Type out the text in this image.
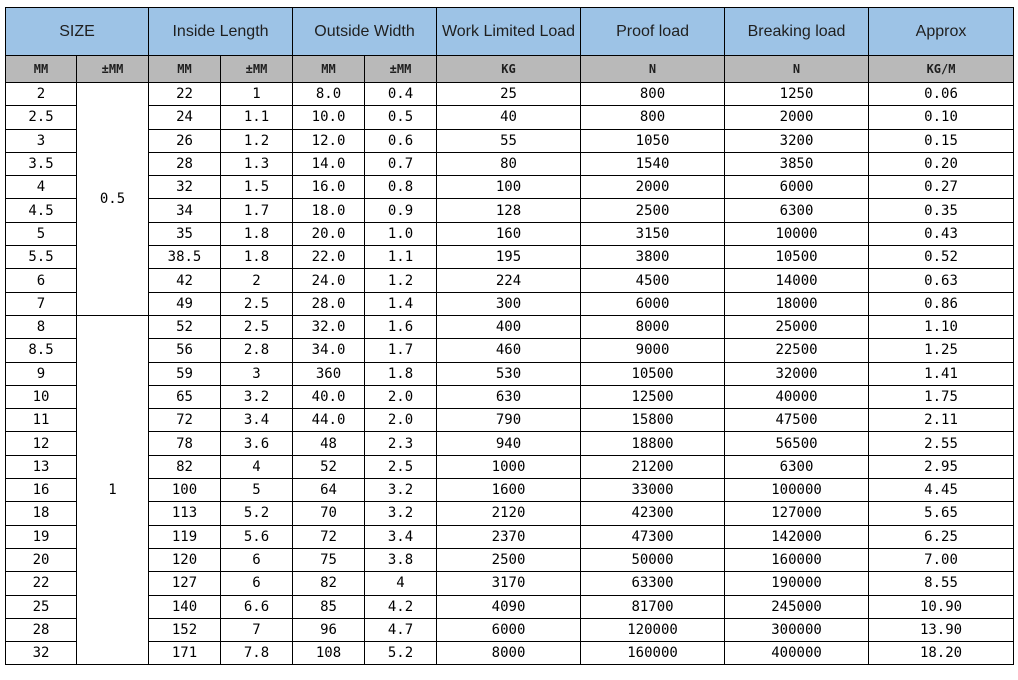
SIZE		Inside Length		Outside Width		Work Limited Load	Proof load	Breaking load	Approx
MM	±MM	MM	±MM	MM	±MM	KG	N	N	KG/M
2	0.5	22	1	8.0	0.4	25	800	1250	0.06
2.5		24	1.1	10.0	0.5	40	800	2000	0.10
3		26	1.2	12.0	0.6	55	1050	3200	0.15
3.5		28	1.3	14.0	0.7	80	1540	3850	0.20
4		32	1.5	16.0	0.8	100	2000	6000	0.27
4.5		34	1.7	18.0	0.9	128	2500	6300	0.35
5		35	1.8	20.0	1.0	160	3150	10000	0.43
5.5		38.5	1.8	22.0	1.1	195	3800	10500	0.52
6		42	2	24.0	1.2	224	4500	14000	0.63
7		49	2.5	28.0	1.4	300	6000	18000	0.86
8	1	52	2.5	32.0	1.6	400	8000	25000	1.10
8.5		56	2.8	34.0	1.7	460	9000	22500	1.25
9		59	3	360	1.8	530	10500	32000	1.41
10		65	3.2	40.0	2.0	630	12500	40000	1.75
11		72	3.4	44.0	2.0	790	15800	47500	2.11
12		78	3.6	48	2.3	940	18800	56500	2.55
13		82	4	52	2.5	1000	21200	6300	2.95
16		100	5	64	3.2	1600	33000	100000	4.45
18		113	5.2	70	3.2	2120	42300	127000	5.65
19		119	5.6	72	3.4	2370	47300	142000	6.25
20		120	6	75	3.8	2500	50000	160000	7.00
22		127	6	82	4	3170	63300	190000	8.55
25		140	6.6	85	4.2	4090	81700	245000	10.90
28		152	7	96	4.7	6000	120000	300000	13.90
32		171	7.8	108	5.2	8000	160000	400000	18.20
